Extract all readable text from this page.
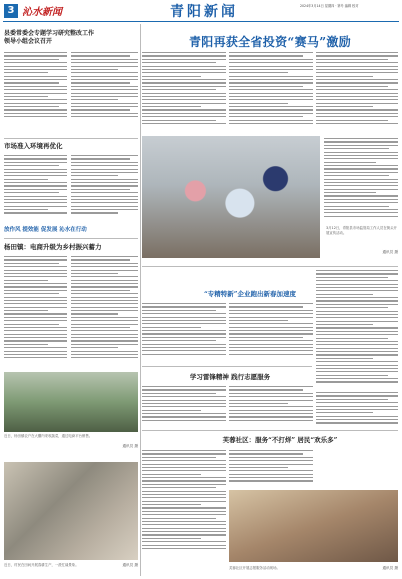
3 沁水新闻	青阳新闻	2024年3月14日 星期四 · 第号 编辑 校对
青阳再获全省投资“赛马”激励
县委常委会专题学习研究整改工作
领导小组会议召开
市场准入环境再优化
放作风 提效能 促发展 沁水在行动	3月12日，青阳县市场监管局工作人员在街头开展宣传活动。
通讯员 摄
杨田镇：电商升级为乡村振兴蓄力
“专精特新”企业跑出新春加速度
近日，杨田镇农户在大棚内采收蔬菜，通过电商平台销售。
通讯员 摄
学习雷锋精神 践行志愿服务
芙蓉社区：服务“不打烊” 居民“欢乐多”
芙蓉社区开展志愿服务活动现场。	通讯员 摄
近日，村民在田间开展春耕生产，一派忙碌景象。	通讯员 摄
